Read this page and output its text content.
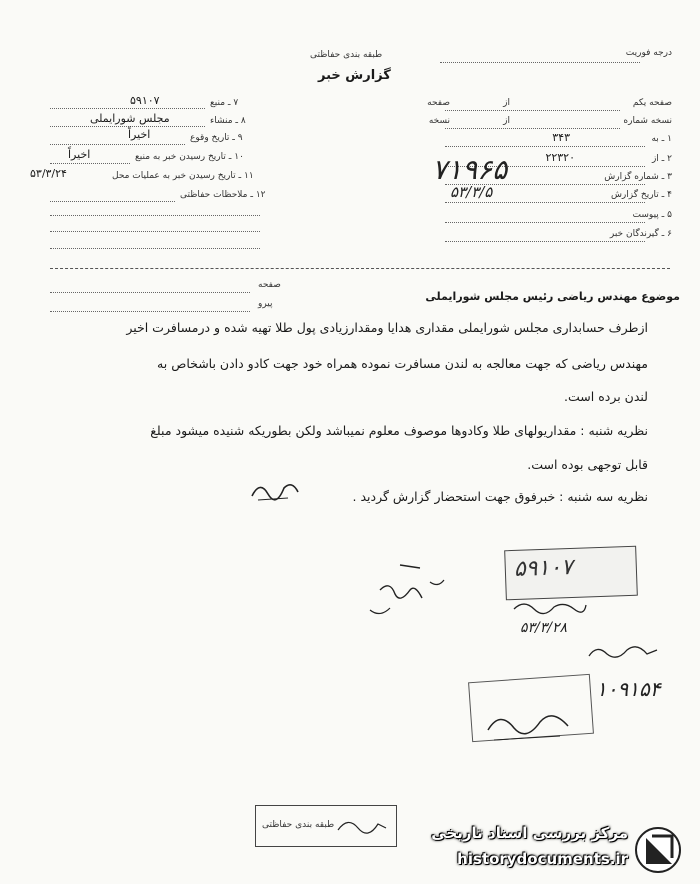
درجه فوریت
طبقه بندی حفاظتی
گزارش خبر
صفحه یکم
از
صفحه
نسخه شماره
از
نسخه
۱ ـ به
۳۴۳
۲ ـ از
۲۲۳۲۰
۳ ـ شماره گزارش
۷۱۹۶۵
۴ ـ تاریخ گزارش
۵۳/۳/۵
۵ ـ پیوست
۶ ـ گیرندگان خبر
۷ ـ منبع
۵۹۱۰۷
۸ ـ منشاء
مجلس شورایملی
۹ ـ تاریخ وقوع
اخیراً
۱۰ ـ تاریخ رسیدن خبر به منبع
اخیراً
۱۱ ـ تاریخ رسیدن خبر به عملیات محل
۵۳/۳/۲۴
۱۲ ـ ملاحظات حفاظتی
صفحه
پیرو
موضوع مهندس ریاضی رئیس مجلس شورایملی
ازطرف حسابداری مجلس شورایملی مقداری هدایا ومقدارزیادی پول طلا تهیه شده و درمسافرت اخیر
مهندس ریاضی که جهت معالجه به لندن مسافرت نموده همراه خود جهت کادو دادن باشخاص به
لندن برده است.
نظریه شنبه : مقداریولهای طلا وکادوها موصوف معلوم نمیباشد ولکن بطوریکه شنیده میشود مبلغ
قابل توجهی بوده است.
نظریه سه شنبه : خبرفوق جهت استحضار گزارش گردید .
۵۹۱۰۷
۵۳/۳/۲۸
۱۰۹۱۵۴
طبقه بندی حفاظتی	مرکز بررسی اسناد تاریخی
historydocuments.ir
